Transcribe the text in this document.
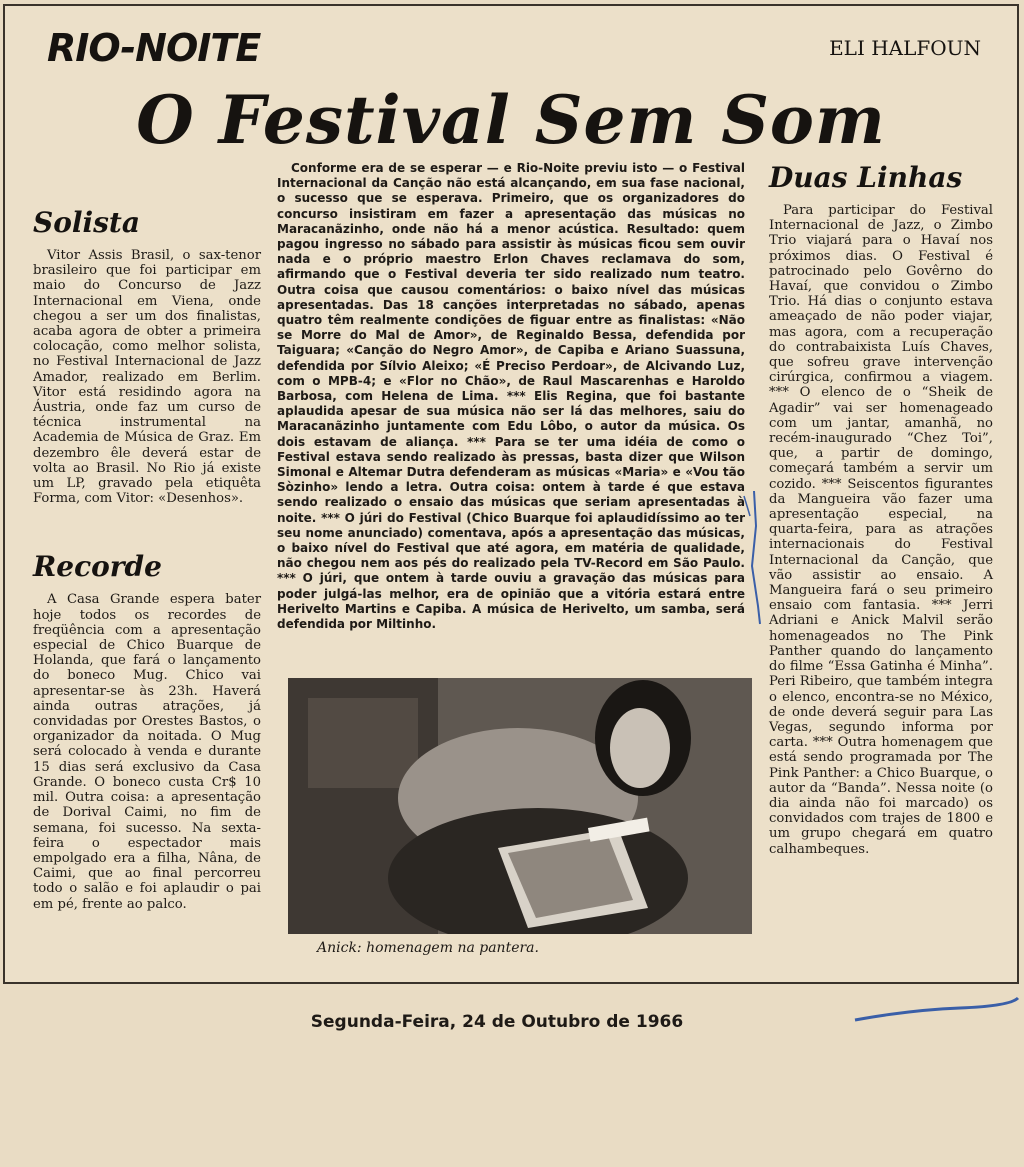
RIO-NOITE	ELI HALFOUN
O Festival Sem Som
Solista

Vitor Assis Brasil, o sax-tenor brasileiro que foi participar em maio do Concurso de Jazz Internacional em Viena, onde chegou a ser um dos finalistas, acaba agora de obter a primeira colocação, como melhor solista, no Festival Internacional de Jazz Amador, realizado em Berlim. Vitor está residindo agora na Áustria, onde faz um curso de técnica instrumental na Academia de Música de Graz. Em dezembro êle deverá estar de volta ao Brasil. No Rio já existe um LP, gravado pela etiquêta Forma, com Vitor: «Desenhos».

Recorde

A Casa Grande espera bater hoje todos os recordes de freqüência com a apresentação especial de Chico Buarque de Holanda, que fará o lançamento do boneco Mug. Chico vai apresentar-se às 23h. Haverá ainda outras atrações, já convidadas por Orestes Bastos, o organizador da noitada. O Mug será colocado à venda e durante 15 dias será exclusivo da Casa Grande. O boneco custa Cr$ 10 mil. Outra coisa: a apresentação de Dorival Caimi, no fim de semana, foi sucesso. Na sexta-feira o espectador mais empolgado era a filha, Nâna, de Caimi, que ao final percorreu todo o salão e foi aplaudir o pai em pé, frente ao palco.

Conforme era de se esperar — e Rio-Noite previu isto — o Festival Internacional da Canção não está alcançando, em sua fase nacional, o sucesso que se esperava. Primeiro, que os organizadores do concurso insistiram em fazer a apresentação das músicas no Maracanãzinho, onde não há a menor acústica. Resultado: quem pagou ingresso no sábado para assistir às músicas ficou sem ouvir nada e o próprio maestro Erlon Chaves reclamava do som, afirmando que o Festival deveria ter sido realizado num teatro. Outra coisa que causou comentários: o baixo nível das músicas apresentadas. Das 18 canções interpretadas no sábado, apenas quatro têm realmente condições de figuar entre as finalistas: «Não se Morre do Mal de Amor», de Reginaldo Bessa, defendida por Taiguara; «Canção do Negro Amor», de Capiba e Ariano Suassuna, defendida por Sílvio Aleixo; «É Preciso Perdoar», de Alcivando Luz, com o MPB-4; e «Flor no Chão», de Raul Mascarenhas e Haroldo Barbosa, com Helena de Lima. *** Elis Regina, que foi bastante aplaudida apesar de sua música não ser lá das melhores, saiu do Maracanãzinho juntamente com Edu Lôbo, o autor da música. Os dois estavam de aliança. *** Para se ter uma idéia de como o Festival estava sendo realizado às pressas, basta dizer que Wilson Simonal e Altemar Dutra defenderam as músicas «Maria» e «Vou tão Sòzinho» lendo a letra. Outra coisa: ontem à tarde é que estava sendo realizado o ensaio das músicas que seriam apresentadas à noite. *** O júri do Festival (Chico Buarque foi aplaudidíssimo ao ter seu nome anunciado) comentava, após a apresentação das músicas, o baixo nível do Festival que até agora, em matéria de qualidade, não chegou nem aos pés do realizado pela TV-Record em São Paulo. *** O júri, que ontem à tarde ouviu a gravação das músicas para poder julgá-las melhor, era de opinião que a vitória estará entre Herivelto Martins e Capiba. A música de Herivelto, um samba, será defendida por Miltinho.

Duas Linhas

Para participar do Festival Internacional de Jazz, o Zimbo Trio viajará para o Havaí nos próximos dias. O Festival é patrocinado pelo Govêrno do Havaí, que convidou o Zimbo Trio. Há dias o conjunto estava ameaçado de não poder viajar, mas agora, com a recuperação do contrabaixista Luís Chaves, que sofreu grave intervenção cirúrgica, confirmou a viagem. *** O elenco de o “Sheik de Agadir” vai ser homenageado com um jantar, amanhã, no recém-inaugurado “Chez Toi”, que, a partir de domingo, começará também a servir um cozido. *** Seiscentos figurantes da Mangueira vão fazer uma apresentação especial, na quarta-feira, para as atrações internacionais do Festival Internacional da Canção, que vão assistir ao ensaio. A Mangueira fará o seu primeiro ensaio com fantasia. *** Jerri Adriani e Anick Malvil serão homenageados no The Pink Panther quando do lançamento do filme “Essa Gatinha é Minha”. Peri Ribeiro, que também integra o elenco, encontra-se no México, de onde deverá seguir para Las Vegas, segundo informa por carta. *** Outra homenagem que está sendo programada por The Pink Panther: a Chico Buarque, o autor da “Banda”. Nessa noite (o dia ainda não foi marcado) os convidados com trajes de 1800 e um grupo chegará em quatro calhambeques.

Anick: homenagem na pantera.
Segunda-Feira, 24 de Outubro de 1966
